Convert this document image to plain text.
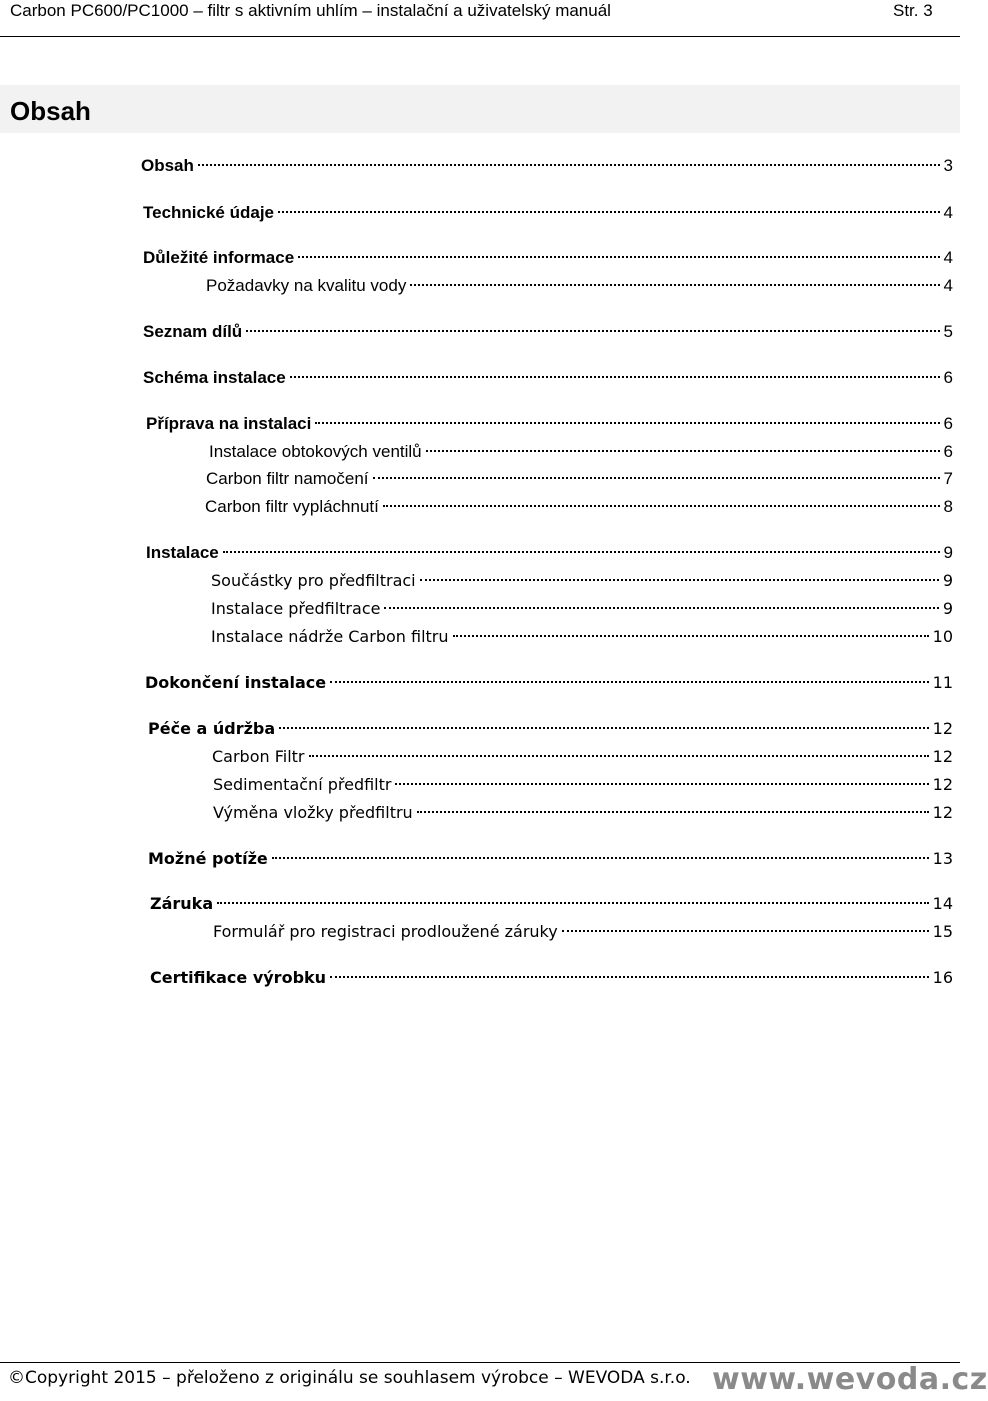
Carbon PC600/PC1000 – filtr s aktivním uhlím – instalační a uživatelský manuál	Str. 3
Obsah
Obsah	3
Technické údaje	4
Důležité informace	4
Požadavky na kvalitu vody	4
Seznam dílů	5
Schéma instalace	6
Příprava na instalaci	6
Instalace obtokových ventilů	6
Carbon filtr namočení	7
Carbon filtr vypláchnutí	8
Instalace	9
Součástky pro předfiltraci	9
Instalace předfiltrace	9
Instalace nádrže Carbon filtru	10
Dokončení instalace	11
Péče a údržba	12
Carbon Filtr	12
Sedimentační předfiltr	12
Výměna vložky předfiltru	12
Možné potíže	13
Záruka	14
Formulář pro registraci prodloužené záruky	15
Certifikace výrobku	16
©Copyright 2015 – přeloženo z originálu se souhlasem výrobce – WEVODA s.r.o. www.wevoda.cz
